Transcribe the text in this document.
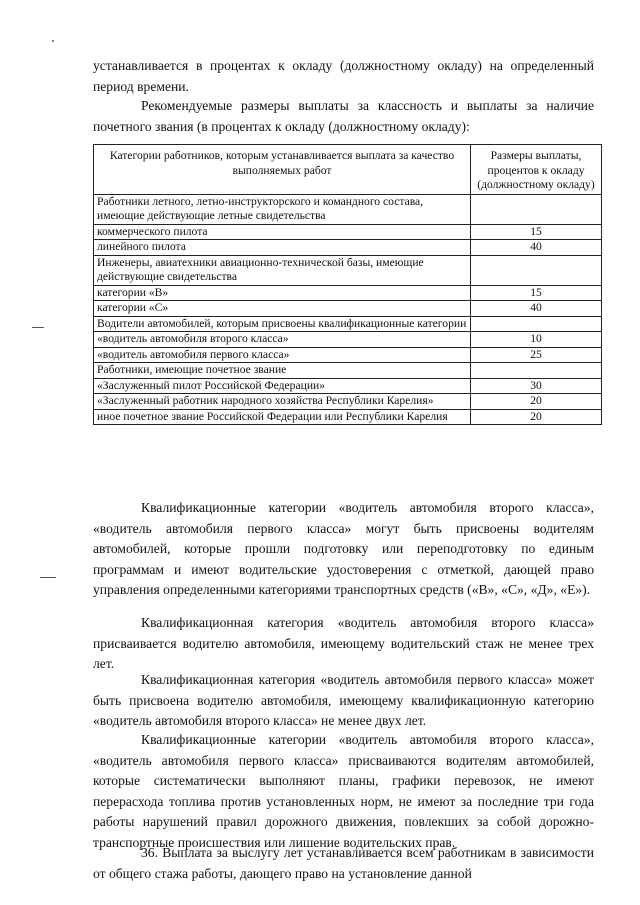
устанавливается в процентах к окладу (должностному окладу) на определенный период времени.

Рекомендуемые размеры выплаты за классность и выплаты за наличие почетного звания (в процентах к окладу (должностному окладу):

Категории работников, которым устанавливается выплата за качество выполняемых работ	Размеры выплаты, процентов к окладу (должностному окладу)
Работники летного, летно-инструкторского и командного состава, имеющие действующие летные свидетельства	
коммерческого пилота	15
линейного пилота	40
Инженеры, авиатехники авиационно-технической базы, имеющие действующие свидетельства	
категории «В»	15
категории «С»	40
Водители автомобилей, которым присвоены квалификационные категории	
«водитель автомобиля второго класса»	10
«водитель автомобиля первого класса»	25
Работники, имеющие почетное звание	
«Заслуженный пилот Российской Федерации»	30
«Заслуженный работник народного хозяйства Республики Карелия»	20
иное почетное звание Российской Федерации или Республики Карелия	20

Квалификационные категории «водитель автомобиля второго класса», «водитель автомобиля первого класса» могут быть присвоены водителям автомобилей, которые прошли подготовку или переподготовку по единым программам и имеют водительские удостоверения с отметкой, дающей право управления определенными категориями транспортных средств («В», «С», «Д», «Е»).

Квалификационная категория «водитель автомобиля второго класса» присваивается водителю автомобиля, имеющему водительский стаж не менее трех лет.

Квалификационная категория «водитель автомобиля первого класса» может быть присвоена водителю автомобиля, имеющему квалификационную категорию «водитель автомобиля второго класса» не менее двух лет.

Квалификационные категории «водитель автомобиля второго класса», «водитель автомобиля первого класса» присваиваются водителям автомобилей, которые систематически выполняют планы, графики перевозок, не имеют перерасхода топлива против установленных норм, не имеют за последние три года работы нарушений правил дорожного движения, повлекших за собой дорожно-транспортные происшествия или лишение водительских прав.

36. Выплата за выслугу лет устанавливается всем работникам в зависимости от общего стажа работы, дающего право на установление данной
